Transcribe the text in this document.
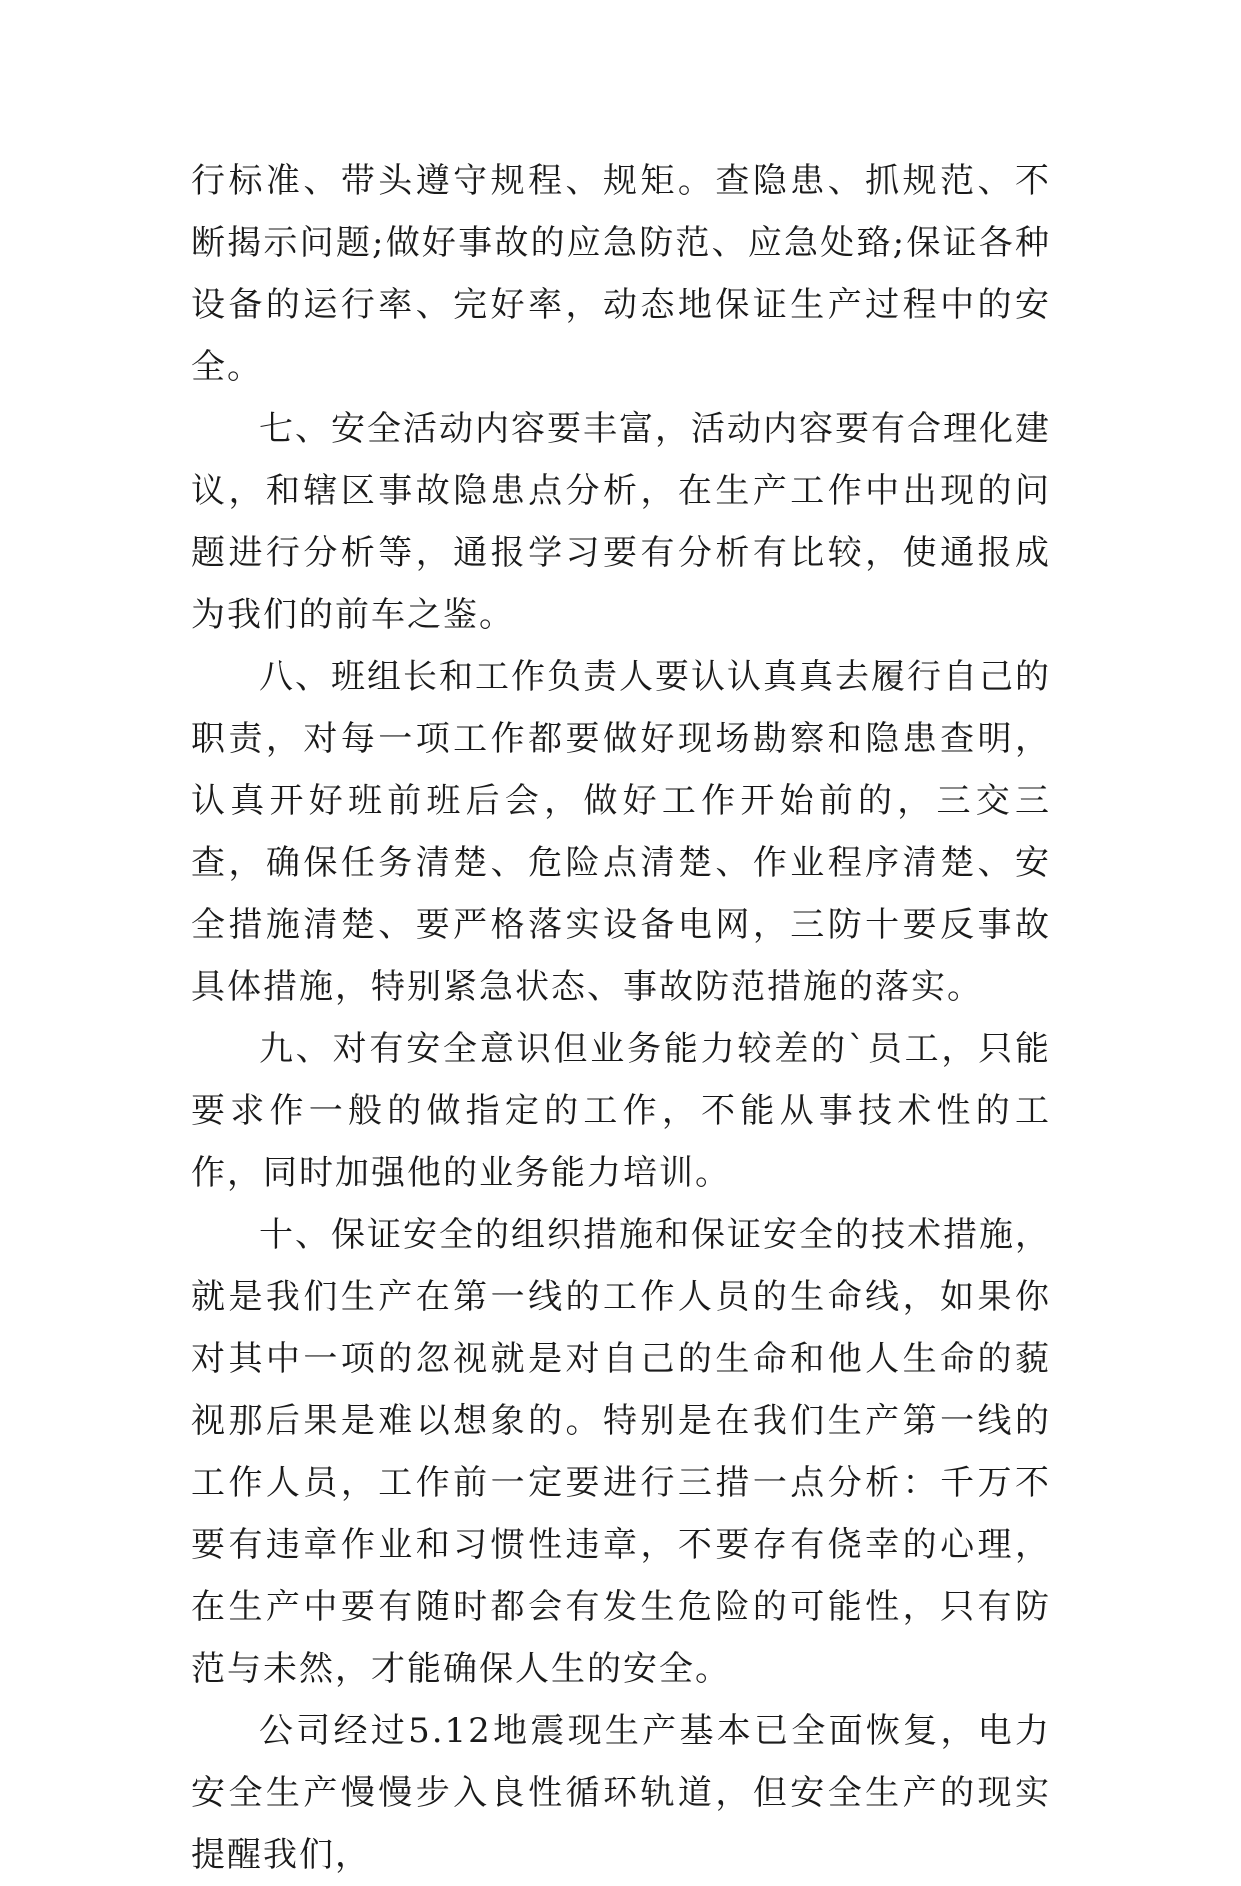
行标准、带头遵守规程、规矩。查隐患、抓规范、不断揭示问题;做好事故的应急防范、应急处臵;保证各种设备的运行率、完好率，动态地保证生产过程中的安全。

七、安全活动内容要丰富，活动内容要有合理化建议，和辖区事故隐患点分析，在生产工作中出现的问题进行分析等，通报学习要有分析有比较，使通报成为我们的前车之鉴。

八、班组长和工作负责人要认认真真去履行自己的职责，对每一项工作都要做好现场勘察和隐患查明，认真开好班前班后会，做好工作开始前的，三交三查，确保任务清楚、危险点清楚、作业程序清楚、安全措施清楚、要严格落实设备电网，三防十要反事故具体措施，特别紧急状态、事故防范措施的落实。

九、对有安全意识但业务能力较差的`员工，只能要求作一般的做指定的工作，不能从事技术性的工作，同时加强他的业务能力培训。

十、保证安全的组织措施和保证安全的技术措施，就是我们生产在第一线的工作人员的生命线，如果你对其中一项的忽视就是对自己的生命和他人生命的藐视那后果是难以想象的。特别是在我们生产第一线的工作人员，工作前一定要进行三措一点分析：千万不要有违章作业和习惯性违章，不要存有侥幸的心理，在生产中要有随时都会有发生危险的可能性，只有防范与未然，才能确保人生的安全。

公司经过5.12地震现生产基本已全面恢复，电力安全生产慢慢步入良性循环轨道，但安全生产的现实提醒我们，
